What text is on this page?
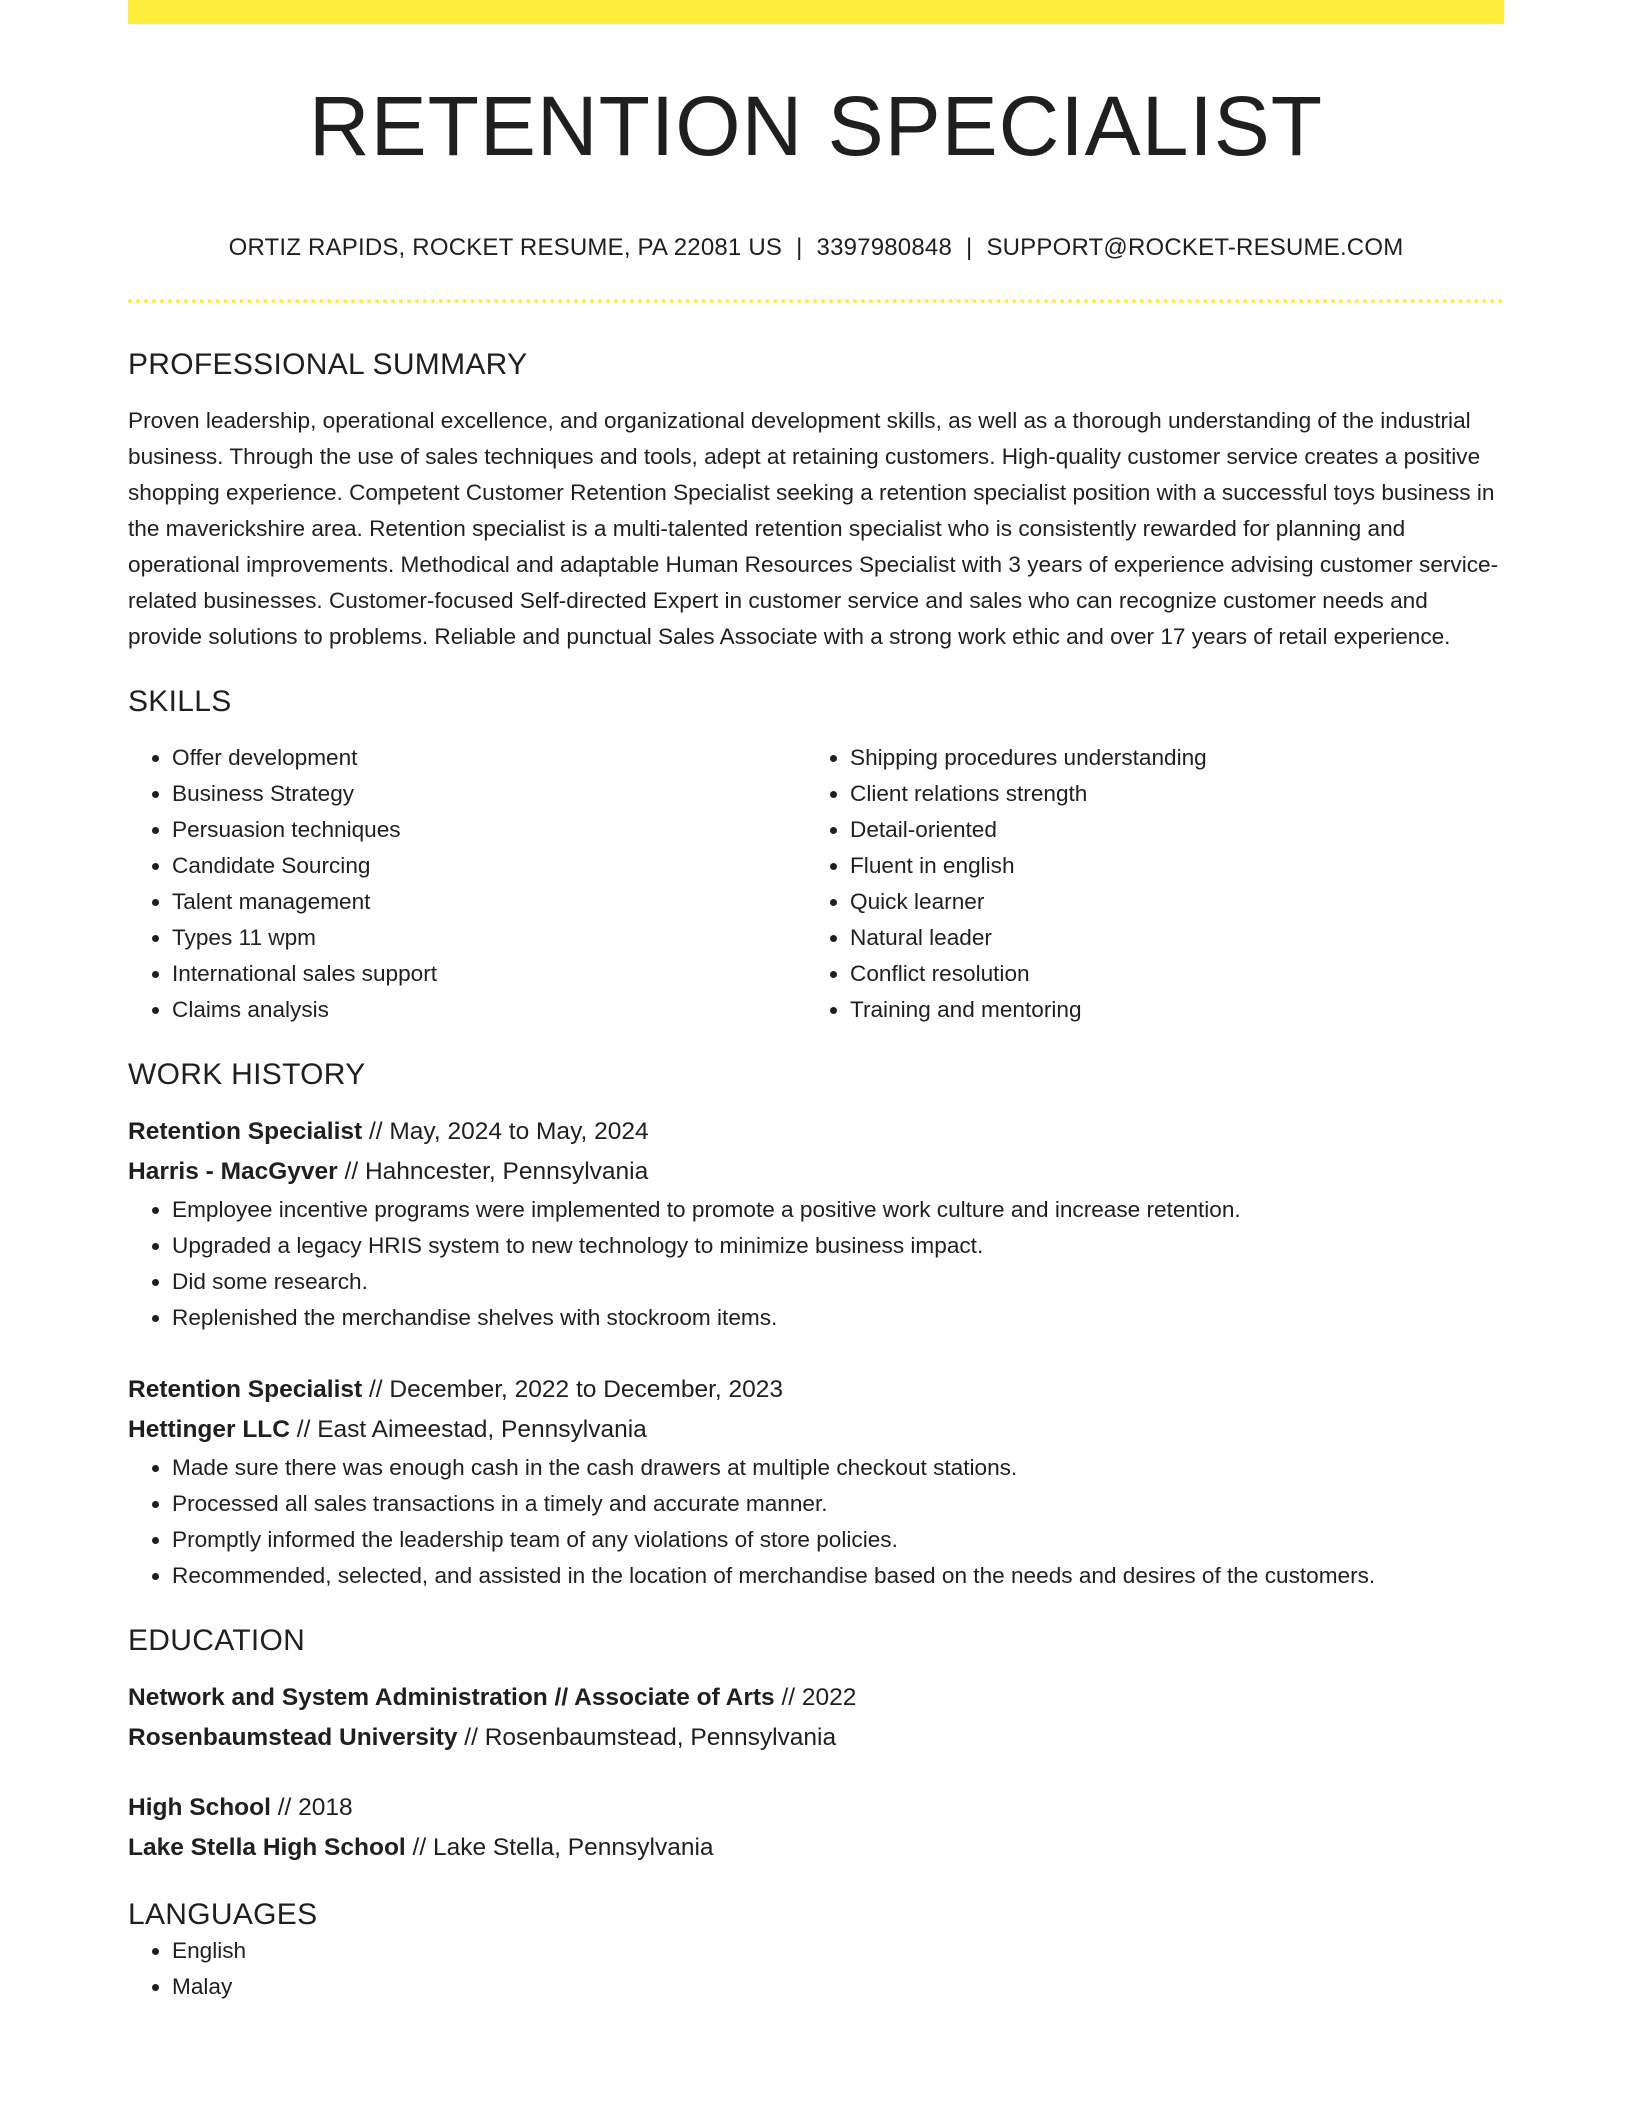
RETENTION SPECIALIST
ORTIZ RAPIDS, ROCKET RESUME, PA 22081 US | 3397980848 | SUPPORT@ROCKET-RESUME.COM
PROFESSIONAL SUMMARY
Proven leadership, operational excellence, and organizational development skills, as well as a thorough understanding of the industrial business. Through the use of sales techniques and tools, adept at retaining customers. High-quality customer service creates a positive shopping experience. Competent Customer Retention Specialist seeking a retention specialist position with a successful toys business in the maverickshire area. Retention specialist is a multi-talented retention specialist who is consistently rewarded for planning and operational improvements. Methodical and adaptable Human Resources Specialist with 3 years of experience advising customer service-related businesses. Customer-focused Self-directed Expert in customer service and sales who can recognize customer needs and provide solutions to problems. Reliable and punctual Sales Associate with a strong work ethic and over 17 years of retail experience.
SKILLS
• Offer development
• Business Strategy
• Persuasion techniques
• Candidate Sourcing
• Talent management
• Types 11 wpm
• International sales support
• Claims analysis
• Shipping procedures understanding
• Client relations strength
• Detail-oriented
• Fluent in english
• Quick learner
• Natural leader
• Conflict resolution
• Training and mentoring
WORK HISTORY
Retention Specialist // May, 2024 to May, 2024
Harris - MacGyver // Hahncester, Pennsylvania
• Employee incentive programs were implemented to promote a positive work culture and increase retention.
• Upgraded a legacy HRIS system to new technology to minimize business impact.
• Did some research.
• Replenished the merchandise shelves with stockroom items.
Retention Specialist // December, 2022 to December, 2023
Hettinger LLC // East Aimeestad, Pennsylvania
• Made sure there was enough cash in the cash drawers at multiple checkout stations.
• Processed all sales transactions in a timely and accurate manner.
• Promptly informed the leadership team of any violations of store policies.
• Recommended, selected, and assisted in the location of merchandise based on the needs and desires of the customers.
EDUCATION
Network and System Administration // Associate of Arts // 2022
Rosenbaumstead University // Rosenbaumstead, Pennsylvania
High School // 2018
Lake Stella High School // Lake Stella, Pennsylvania
LANGUAGES
• English
• Malay
